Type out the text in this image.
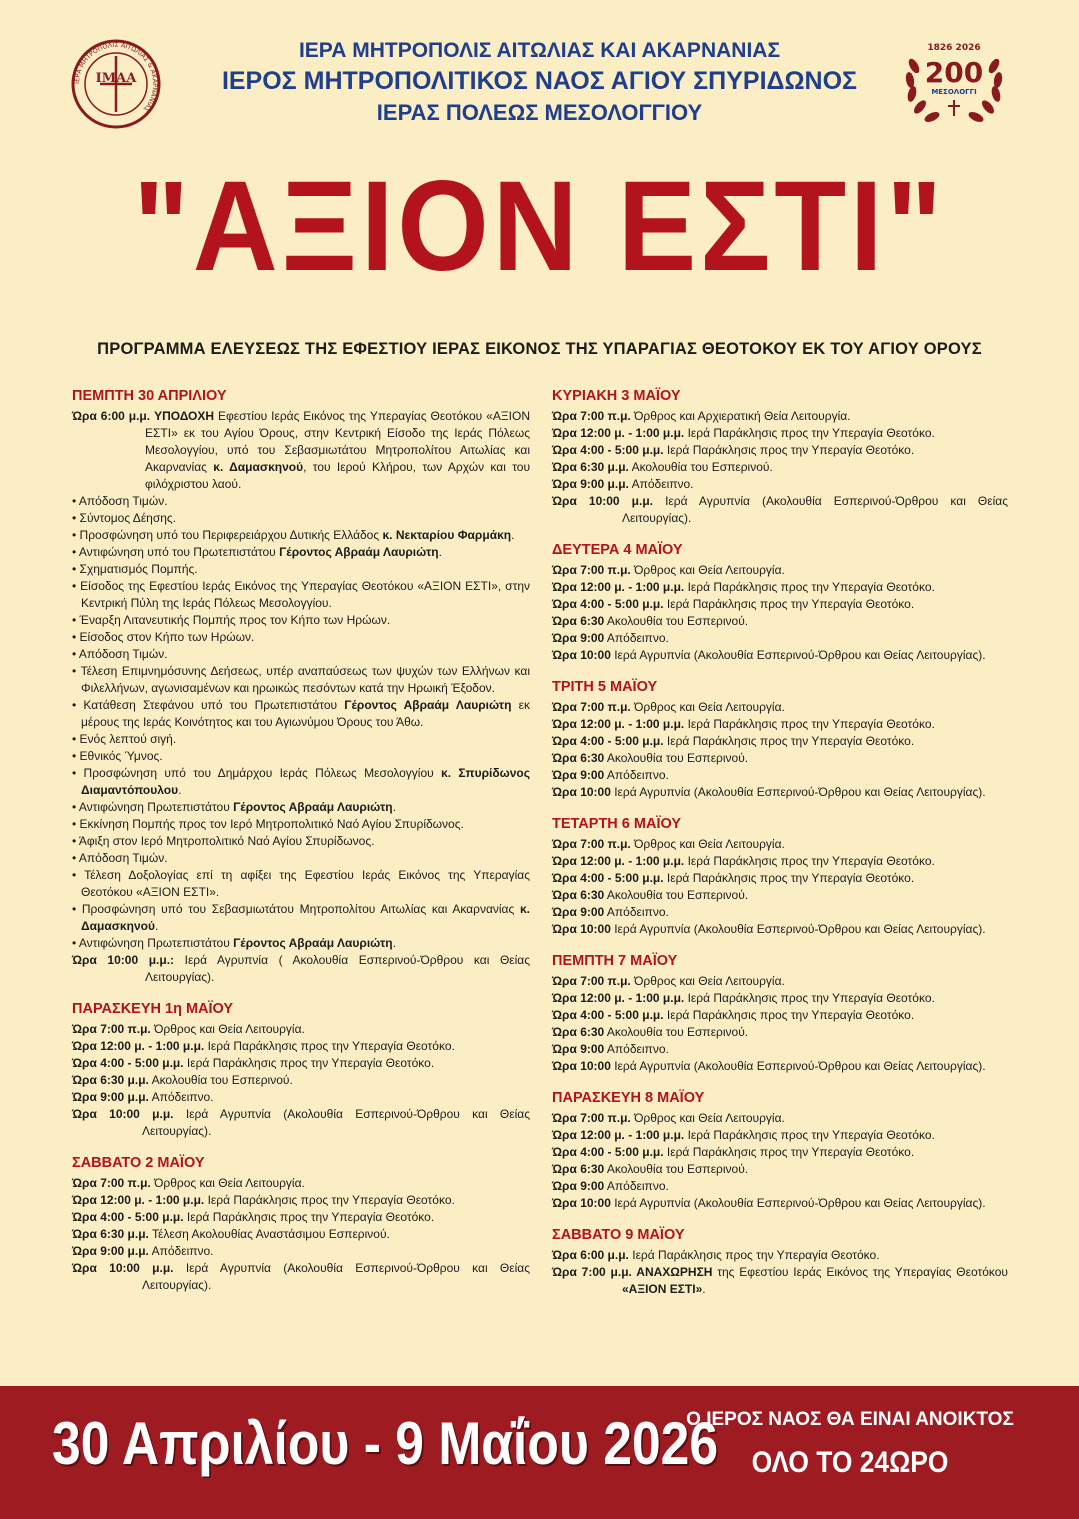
ΙΕΡΑ ΜΗΤΡΟΠΟΛΙΣ ΑΙΤΩΛΙΑΣ ΚΑΙ ΑΚΑΡΝΑΝΙΑΣ
ΙΕΡΟΣ ΜΗΤΡΟΠΟΛΙΤΙΚΟΣ ΝΑΟΣ ΑΓΙΟΥ ΣΠΥΡΙΔΩΝΟΣ
ΙΕΡΑΣ ΠΟΛΕΩΣ ΜΕΣΟΛΟΓΓΙΟΥ
ΙΜΑΑ
ΙΕΡΑ ΜΗΤΡΟΠΟΛΙΣ ΑΙΤΩΛΙΑΣ & ΑΚΑΡΝΑΝΙΑΣ
1826 2026
200
ΜΕΣΟΛΟΓΓΙ
"ΑΞΙΟΝ ΕΣΤΙ"
ΠΡΟΓΡΑΜΜΑ ΕΛΕΥΣΕΩΣ ΤΗΣ ΕΦΕΣΤΙΟΥ ΙΕΡΑΣ ΕΙΚΟΝΟΣ ΤΗΣ ΥΠΑΡΑΓΙΑΣ ΘΕΟΤΟΚΟΥ ΕΚ ΤΟΥ ΑΓΙΟΥ ΟΡΟΥΣ
ΠΕΜΠΤΗ 30 ΑΠΡΙΛΙΟΥ
Ώρα 6:00 μ.μ. ΥΠΟΔΟΧΗ Εφεστίου Ιεράς Εικόνος της Υπεραγίας Θεοτόκου «ΑΞΙΟΝ ΕΣΤΙ» εκ του Αγίου Όρους, στην Κεντρική Είσοδο της Ιεράς Πόλεως Μεσολογγίου, υπό του Σεβασμιωτάτου Μητροπολίτου Αιτωλίας και Ακαρνανίας κ. Δαμασκηνού, του Ιερού Κλήρου, των Αρχών και του φιλόχριστου λαού.
• Απόδοση Τιμών.
• Σύντομος Δέησης.
• Προσφώνηση υπό του Περιφερειάρχου Δυτικής Ελλάδος κ. Νεκταρίου Φαρμάκη.
• Αντιφώνηση υπό του Πρωτεπιστάτου Γέροντος Αβραάμ Λαυριώτη.
• Σχηματισμός Πομπής.
• Είσοδος της Εφεστίου Ιεράς Εικόνος της Υπεραγίας Θεοτόκου «ΑΞΙΟΝ ΕΣΤΙ», στην Κεντρική Πύλη της Ιεράς Πόλεως Μεσολογγίου.
• Έναρξη Λιτανευτικής Πομπής προς τον Κήπο των Ηρώων.
• Είσοδος στον Κήπο των Ηρώων.
• Απόδοση Τιμών.
• Τέλεση Επιμνημόσυνης Δεήσεως, υπέρ αναπαύσεως των ψυχών των Ελλήνων και Φιλελλήνων, αγωνισαμένων και ηρωικώς πεσόντων κατά την Ηρωική Έξοδον.
• Κατάθεση Στεφάνου υπό του Πρωτεπιστάτου Γέροντος Αβραάμ Λαυριώτη εκ μέρους της Ιεράς Κοινότητος και του Αγιωνύμου Όρους του Άθω.
• Ενός λεπτού σιγή.
• Εθνικός Ύμνος.
• Προσφώνηση υπό του Δημάρχου Ιεράς Πόλεως Μεσολογγίου κ. Σπυρίδωνος Διαμαντόπουλου.
• Αντιφώνηση Πρωτεπιστάτου Γέροντος Αβραάμ Λαυριώτη.
• Εκκίνηση Πομπής προς τον Ιερό Μητροπολιτικό Ναό Αγίου Σπυρίδωνος.
• Άφιξη στον Ιερό Μητροπολιτικό Ναό Αγίου Σπυρίδωνος.
• Απόδοση Τιμών.
• Τέλεση Δοξολογίας επί τη αφίξει της Εφεστίου Ιεράς Εικόνος της Υπεραγίας Θεοτόκου «ΑΞΙΟΝ ΕΣΤΙ».
• Προσφώνηση υπό του Σεβασμιωτάτου Μητροπολίτου Αιτωλίας και Ακαρνανίας κ. Δαμασκηνού.
• Αντιφώνηση Πρωτεπιστάτου Γέροντος Αβραάμ Λαυριώτη.
Ώρα 10:00 μ.μ.: Ιερά Αγρυπνία ( Ακολουθία Εσπερινού-Όρθρου και Θείας Λειτουργίας).
ΠΑΡΑΣΚΕΥΗ 1η ΜΑΪΟΥ
Ώρα 7:00 π.μ. Όρθρος και Θεία Λειτουργία.
Ώρα 12:00 μ. - 1:00 μ.μ. Ιερά Παράκλησις προς την Υπεραγία Θεοτόκο.
Ώρα 4:00 - 5:00 μ.μ. Ιερά Παράκλησις προς την Υπεραγία Θεοτόκο.
Ώρα 6:30 μ.μ. Ακολουθία του Εσπερινού.
Ώρα 9:00 μ.μ. Απόδειπνο.
Ώρα 10:00 μ.μ. Ιερά Αγρυπνία (Ακολουθία Εσπερινού-Όρθρου και Θείας Λειτουργίας).
ΣΑΒΒΑΤΟ 2 ΜΑΪΟΥ
Ώρα 7:00 π.μ. Όρθρος και Θεία Λειτουργία.
Ώρα 12:00 μ. - 1:00 μ.μ. Ιερά Παράκλησις προς την Υπεραγία Θεοτόκο.
Ώρα 4:00 - 5:00 μ.μ. Ιερά Παράκλησις προς την Υπεραγία Θεοτόκο.
Ώρα 6:30 μ.μ. Τέλεση Ακολουθίας Αναστάσιμου Εσπερινού.
Ώρα 9:00 μ.μ. Απόδειπνο.
Ώρα 10:00 μ.μ. Ιερά Αγρυπνία (Ακολουθία Εσπερινού-Όρθρου και Θείας Λειτουργίας).
ΚΥΡΙΑΚΗ 3 ΜΑΪΟΥ
Ώρα 7:00 π.μ. Όρθρος και Αρχιερατική Θεία Λειτουργία.
Ώρα 12:00 μ. - 1:00 μ.μ. Ιερά Παράκλησις προς την Υπεραγία Θεοτόκο.
Ώρα 4:00 - 5:00 μ.μ. Ιερά Παράκλησις προς την Υπεραγία Θεοτόκο.
Ώρα 6:30 μ.μ. Ακολουθία του Εσπερινού.
Ώρα 9:00 μ.μ. Απόδειπνο.
Ώρα 10:00 μ.μ. Ιερά Αγρυπνία (Ακολουθία Εσπερινού-Όρθρου και Θείας Λειτουργίας).
ΔΕΥΤΕΡΑ 4 ΜΑΪΟΥ
Ώρα 7:00 π.μ. Όρθρος και Θεία Λειτουργία.
Ώρα 12:00 μ. - 1:00 μ.μ. Ιερά Παράκλησις προς την Υπεραγία Θεοτόκο.
Ώρα 4:00 - 5:00 μ.μ. Ιερά Παράκλησις προς την Υπεραγία Θεοτόκο.
Ώρα 6:30 Ακολουθία του Εσπερινού.
Ώρα 9:00 Απόδειπνο.
Ώρα 10:00 Ιερά Αγρυπνία (Ακολουθία Εσπερινού-Όρθρου και Θείας Λειτουργίας).
ΤΡΙΤΗ 5 ΜΑΪΟΥ
Ώρα 7:00 π.μ. Όρθρος και Θεία Λειτουργία.
Ώρα 12:00 μ. - 1:00 μ.μ. Ιερά Παράκλησις προς την Υπεραγία Θεοτόκο.
Ώρα 4:00 - 5:00 μ.μ. Ιερά Παράκλησις προς την Υπεραγία Θεοτόκο.
Ώρα 6:30 Ακολουθία του Εσπερινού.
Ώρα 9:00 Απόδειπνο.
Ώρα 10:00 Ιερά Αγρυπνία (Ακολουθία Εσπερινού-Όρθρου και Θείας Λειτουργίας).
ΤΕΤΑΡΤΗ 6 ΜΑΪΟΥ
Ώρα 7:00 π.μ. Όρθρος και Θεία Λειτουργία.
Ώρα 12:00 μ. - 1:00 μ.μ. Ιερά Παράκλησις προς την Υπεραγία Θεοτόκο.
Ώρα 4:00 - 5:00 μ.μ. Ιερά Παράκλησις προς την Υπεραγία Θεοτόκο.
Ώρα 6:30 Ακολουθία του Εσπερινού.
Ώρα 9:00 Απόδειπνο.
Ώρα 10:00 Ιερά Αγρυπνία (Ακολουθία Εσπερινού-Όρθρου και Θείας Λειτουργίας).
ΠΕΜΠΤΗ 7 ΜΑΪΟΥ
Ώρα 7:00 π.μ. Όρθρος και Θεία Λειτουργία.
Ώρα 12:00 μ. - 1:00 μ.μ. Ιερά Παράκλησις προς την Υπεραγία Θεοτόκο.
Ώρα 4:00 - 5:00 μ.μ. Ιερά Παράκλησις προς την Υπεραγία Θεοτόκο.
Ώρα 6:30 Ακολουθία του Εσπερινού.
Ώρα 9:00 Απόδειπνο.
Ώρα 10:00 Ιερά Αγρυπνία (Ακολουθία Εσπερινού-Όρθρου και Θείας Λειτουργίας).
ΠΑΡΑΣΚΕΥΗ 8 ΜΑΪΟΥ
Ώρα 7:00 π.μ. Όρθρος και Θεία Λειτουργία.
Ώρα 12:00 μ. - 1:00 μ.μ. Ιερά Παράκλησις προς την Υπεραγία Θεοτόκο.
Ώρα 4:00 - 5:00 μ.μ. Ιερά Παράκλησις προς την Υπεραγία Θεοτόκο.
Ώρα 6:30 Ακολουθία του Εσπερινού.
Ώρα 9:00 Απόδειπνο.
Ώρα 10:00 Ιερά Αγρυπνία (Ακολουθία Εσπερινού-Όρθρου και Θείας Λειτουργίας).
ΣΑΒΒΑΤΟ 9 ΜΑΪΟΥ
Ώρα 6:00 μ.μ. Ιερά Παράκλησις προς την Υπεραγία Θεοτόκο.
Ώρα 7:00 μ.μ. ΑΝΑΧΩΡΗΣΗ της Εφεστίου Ιεράς Εικόνος της Υπεραγίας Θεοτόκου «ΑΞΙΟΝ ΕΣΤΙ».
30 Απριλίου - 9 Μαΐου 2026
Ο ΙΕΡΟΣ ΝΑΟΣ ΘΑ ΕΙΝΑΙ ΑΝΟΙΚΤΟΣ
ΟΛΟ ΤΟ 24ΩΡΟ
